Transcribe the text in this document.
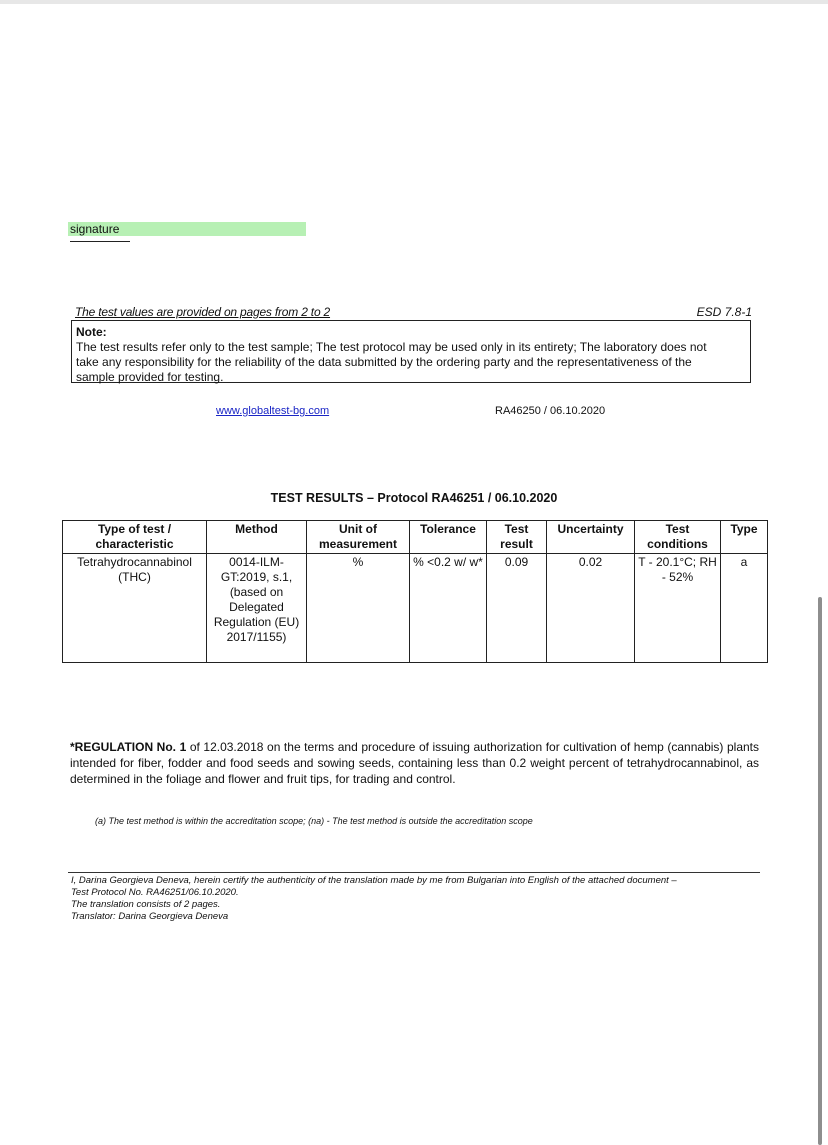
signature
The test values are provided on pages from 2 to 2	ESD 7.8-1
Note:
The test results refer only to the test sample; The test protocol may be used only in its entirety; The laboratory does not take any responsibility for the reliability of the data submitted by the ordering party and the representativeness of the sample provided for testing.
www.globaltest-bg.com	RA46250 / 06.10.2020
TEST RESULTS – Protocol RA46251 / 06.10.2020
Type of test / characteristic	Method	Unit of measurement	Tolerance	Test result	Uncertainty	Test conditions	Type
Tetrahydrocannabinol (THC)	0014-ILM-GT:2019, s.1, (based on Delegated Regulation (EU) 2017/1155)	%	% <0.2 w/ w*	0.09	0.02	T - 20.1°C; RH - 52%	a
*REGULATION No. 1 of 12.03.2018 on the terms and procedure of issuing authorization for cultivation of hemp (cannabis) plants intended for fiber, fodder and food seeds and sowing seeds, containing less than 0.2 weight percent of tetrahydrocannabinol, as determined in the foliage and flower and fruit tips, for trading and control.
(a) The test method is within the accreditation scope; (na) - The test method is outside the accreditation scope
I, Darina Georgieva Deneva, herein certify the authenticity of the translation made by me from Bulgarian into English of the attached document –
Test Protocol No. RA46251/06.10.2020.
The translation consists of 2 pages.
Translator: Darina Georgieva Deneva
